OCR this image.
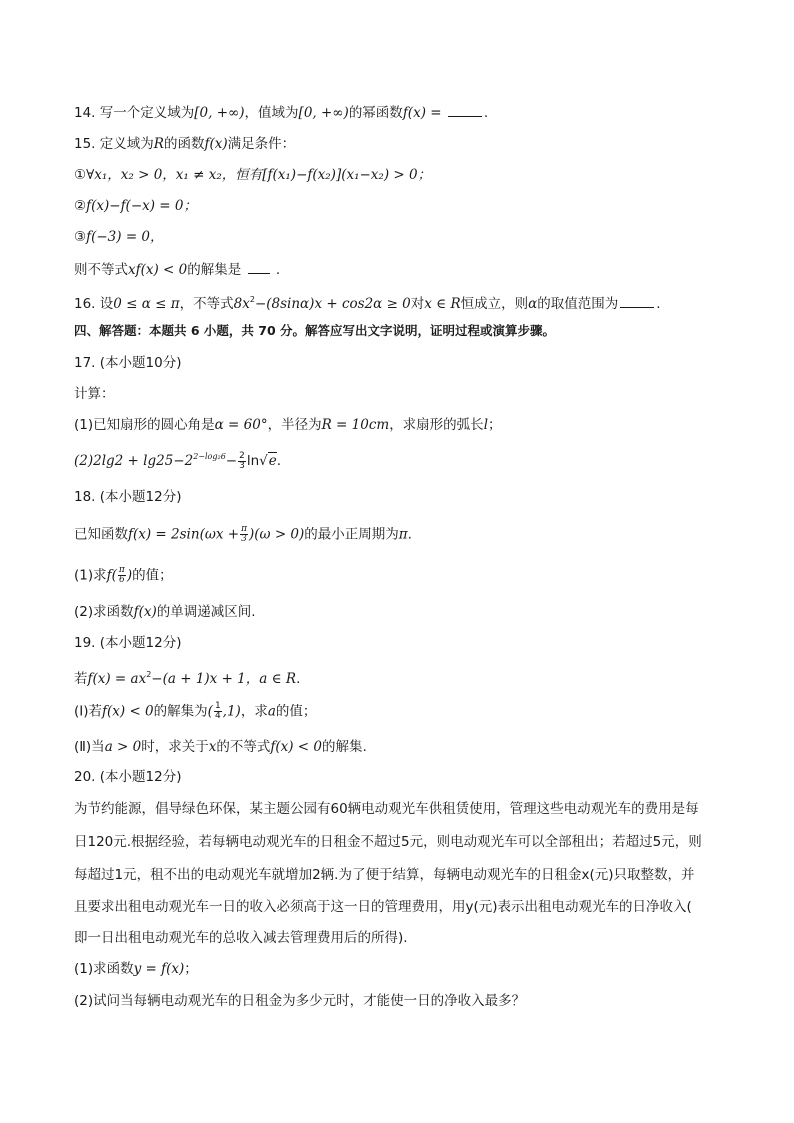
14. 写一个定义域为[0, +∞)，值域为[0, +∞)的幂函数f(x) =	.
15. 定义域为R的函数f(x)满足条件：
①∀x₁，x₂ > 0，x₁ ≠ x₂，恒有[f(x₁)−f(x₂)](x₁−x₂) > 0；
②f(x)−f(−x) = 0；
③f(−3) = 0，
则不等式xf(x) < 0的解集是	.
16. 设0 ≤ α ≤ π，不等式$8x^2-(8\sin\alpha)x + \cos 2\alpha \ge 0$对x ∈ R恒成立，则α的取值范围为	.
四、解答题：本题共 6 小题，共 70 分。解答应写出文字说明，证明过程或演算步骤。
17. (本小题10分)
计算：
(1)已知扇形的圆心角是α = 60°，半径为R = 10cm，求扇形的弧长l；
$(2)2\lg 2 + \lg 25-2^{2-log_26}- \frac{2}{3} \ln√e$.
18. (本小题12分)
已知函数$f(x) = 2\sin(\omega x + \frac{\pi}{3} )(\omega > 0)$的最小正周期为π.
(1)求$f( \frac{\pi}{6}$ )的值；
(2)求函数f(x)的单调递减区间.
19. (本小题12分)
若$f(x) = ax^2-(a + 1)x + 1$，a ∈ R.
(Ⅰ)若f(x) < 0的解集为( $\frac{1}{4} ,1$)，求a的值；
(Ⅱ)当a > 0时，求关于x的不等式f(x) < 0的解集.
20. (本小题12分)
为节约能源，倡导绿色环保，某主题公园有60辆电动观光车供租赁使用，管理这些电动观光车的费用是每
日120元.根据经验，若每辆电动观光车的日租金不超过5元，则电动观光车可以全部租出；若超过5元，则
每超过1元，租不出的电动观光车就增加2辆.为了便于结算，每辆电动观光车的日租金x(元)只取整数，并
且要求出租电动观光车一日的收入必须高于这一日的管理费用，用y(元)表示出租电动观光车的日净收入(
即一日出租电动观光车的总收入减去管理费用后的所得).
(1)求函数y = f(x)；
(2)试问当每辆电动观光车的日租金为多少元时，才能使一日的净收入最多？
